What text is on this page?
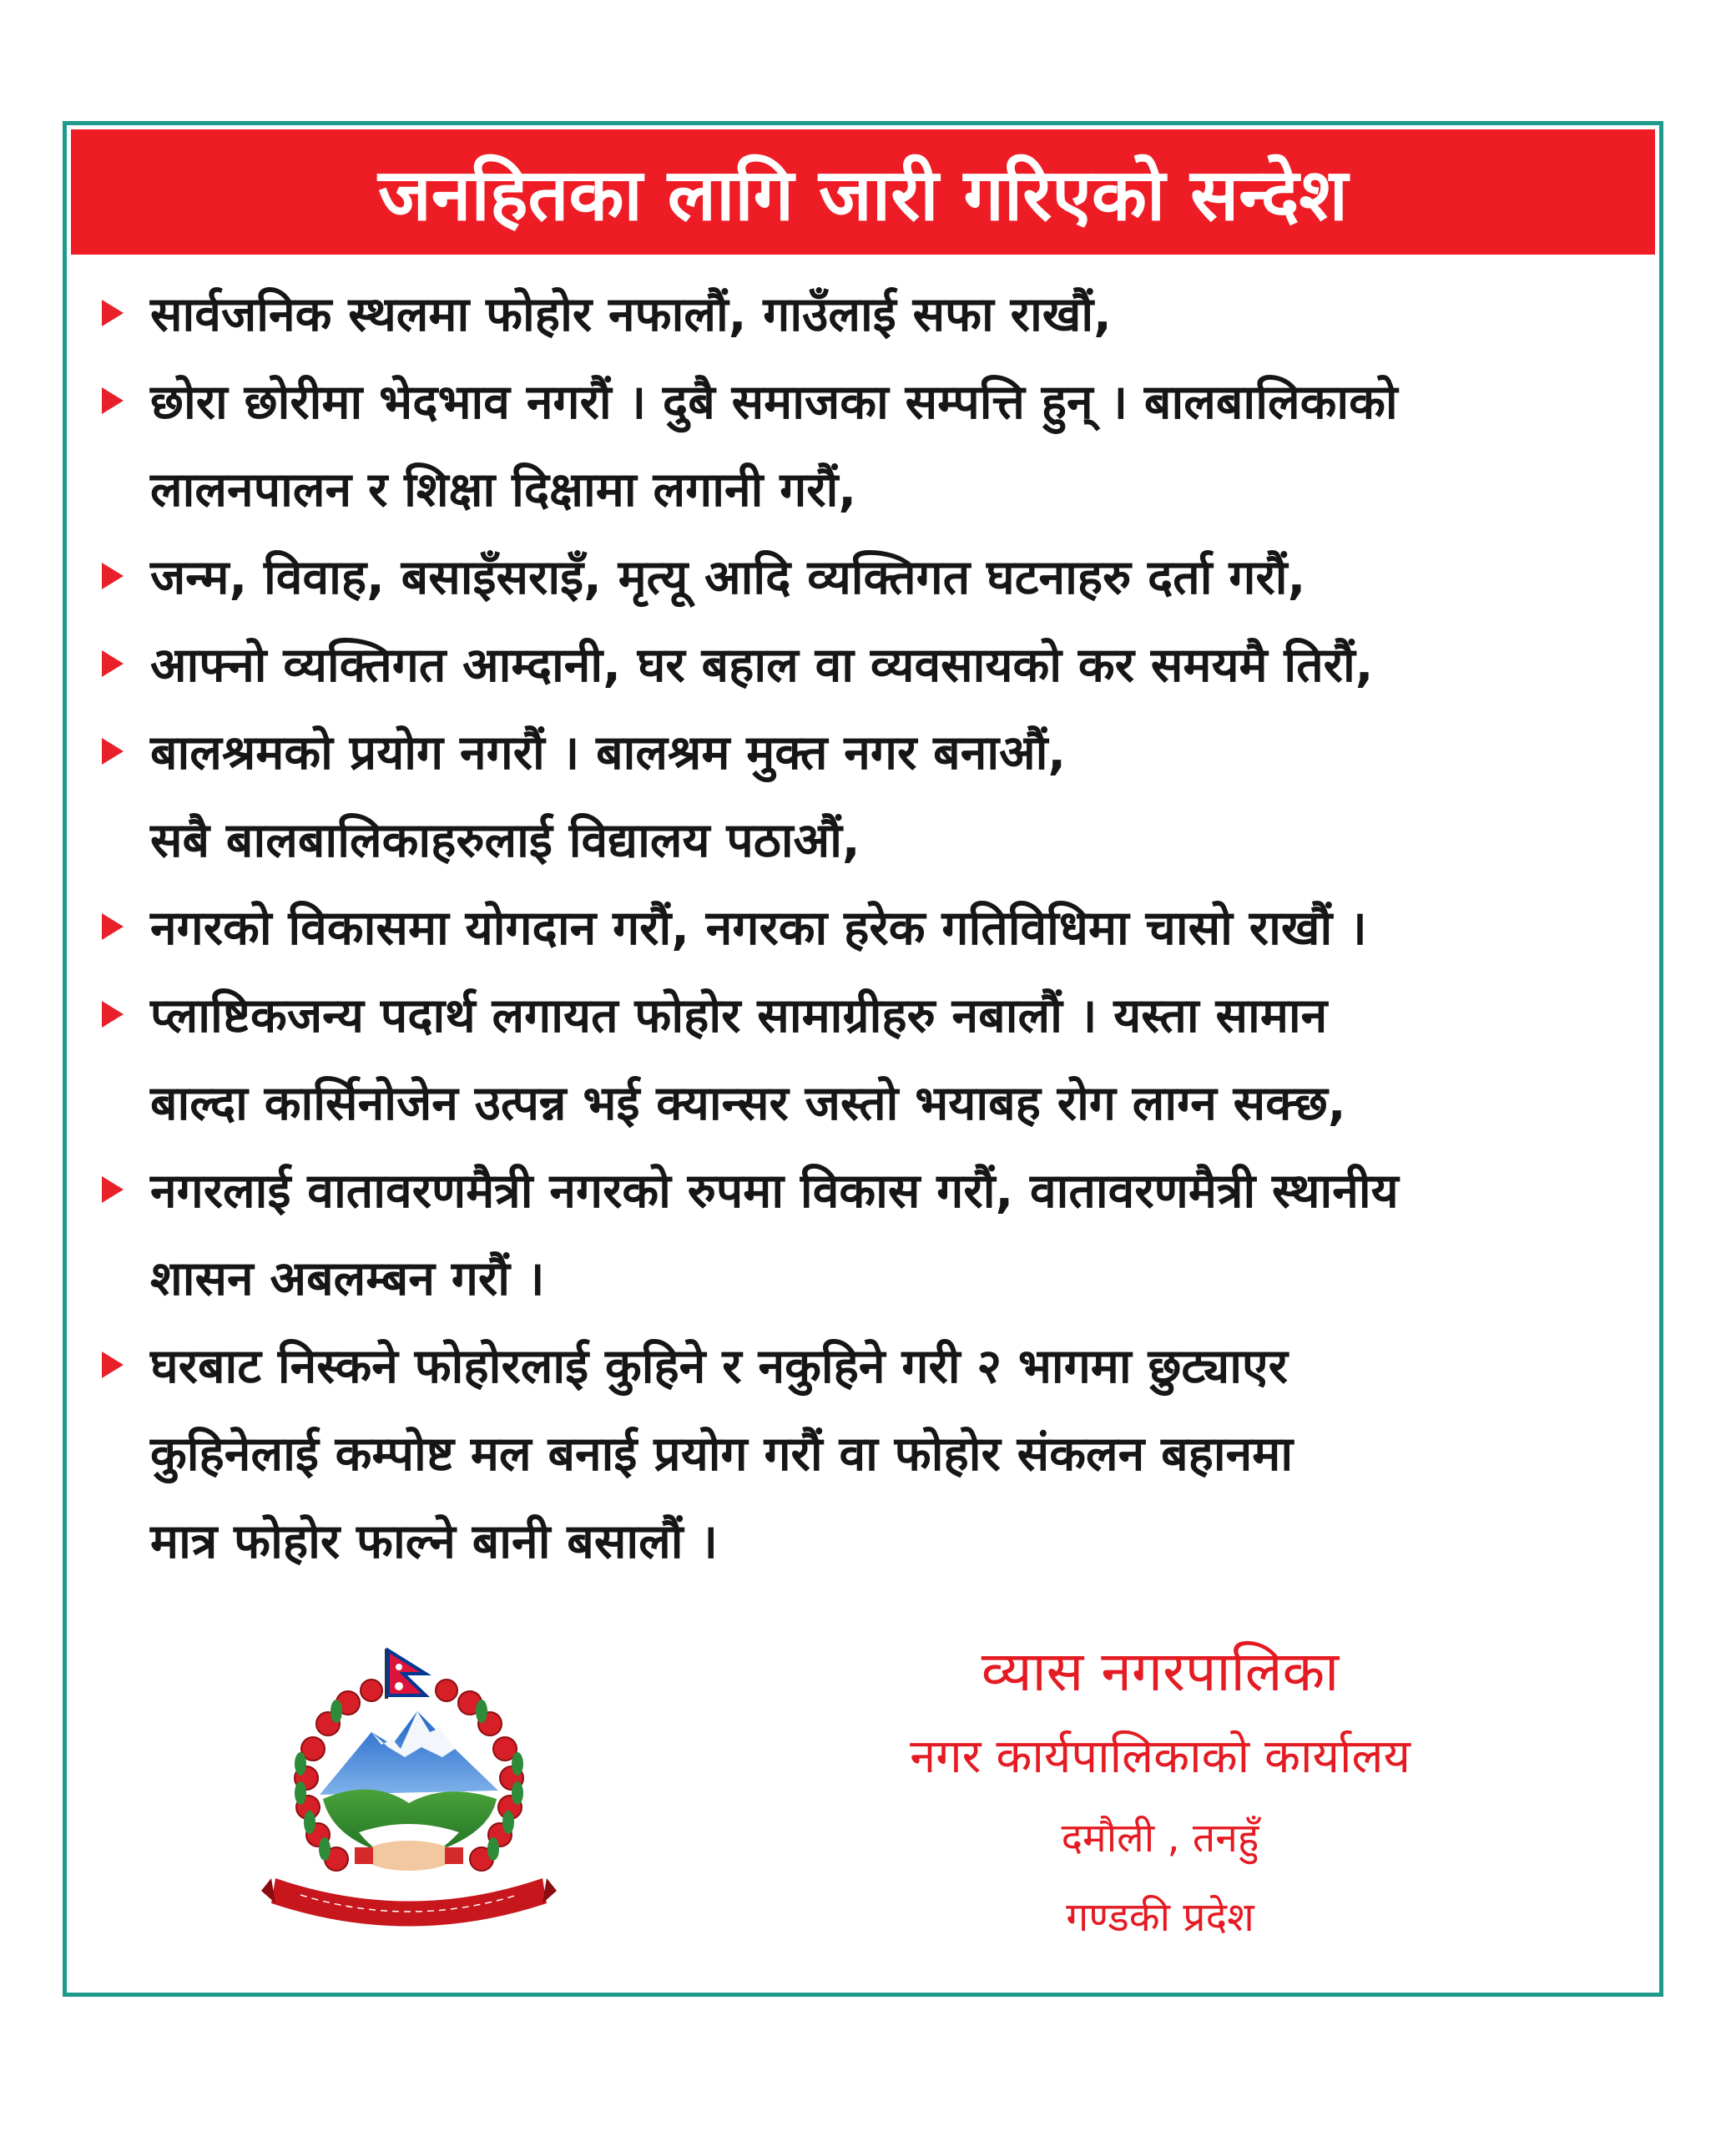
जनहितका लागि जारी गरिएको सन्देश
सार्वजनिक स्थलमा फोहोर नफालौं, गाउँलाई सफा राखौं,
छोरा छोरीमा भेदभाव नगरौं । दुबै समाजका सम्पत्ति हुन् । बालबालिकाको
लालनपालन र शिक्षा दिक्षामा लगानी गरौं,
जन्म, विवाह, बसाइँसराइँ, मृत्यू आदि व्यक्तिगत घटनाहरु दर्ता गरौं,
आफ्नो व्यक्तिगत आम्दानी, घर बहाल वा व्यवसायको कर समयमै तिरौं,
बालश्रमको प्रयोग नगरौं । बालश्रम मुक्त नगर बनाऔं,
सबै बालबालिकाहरुलाई विद्यालय पठाऔं,
नगरको विकासमा योगदान गरौं, नगरका हरेक गतिविधिमा चासो राखौं ।
प्लाष्टिकजन्य पदार्थ लगायत फोहोर सामाग्रीहरु नबालौं । यस्ता सामान
बाल्दा कार्सिनोजेन उत्पन्न भई क्यान्सर जस्तो भयाबह रोग लाग्न सक्छ,
नगरलाई वातावरणमैत्री नगरको रुपमा विकास गरौं, वातावरणमैत्री स्थानीय
शासन अबलम्बन गरौं ।
घरबाट निस्कने फोहोरलाई कुहिने र नकुहिने गरी २ भागमा छुट्याएर
कुहिनेलाई कम्पोष्ट मल बनाई प्रयोग गरौं वा फोहोर संकलन बहानमा
मात्र फोहोर फाल्ने बानी बसालौं ।
व्यास नगरपालिका
नगर कार्यपालिकाको कार्यालय
दमौली , तनहुँ
गण्डकी प्रदेश
